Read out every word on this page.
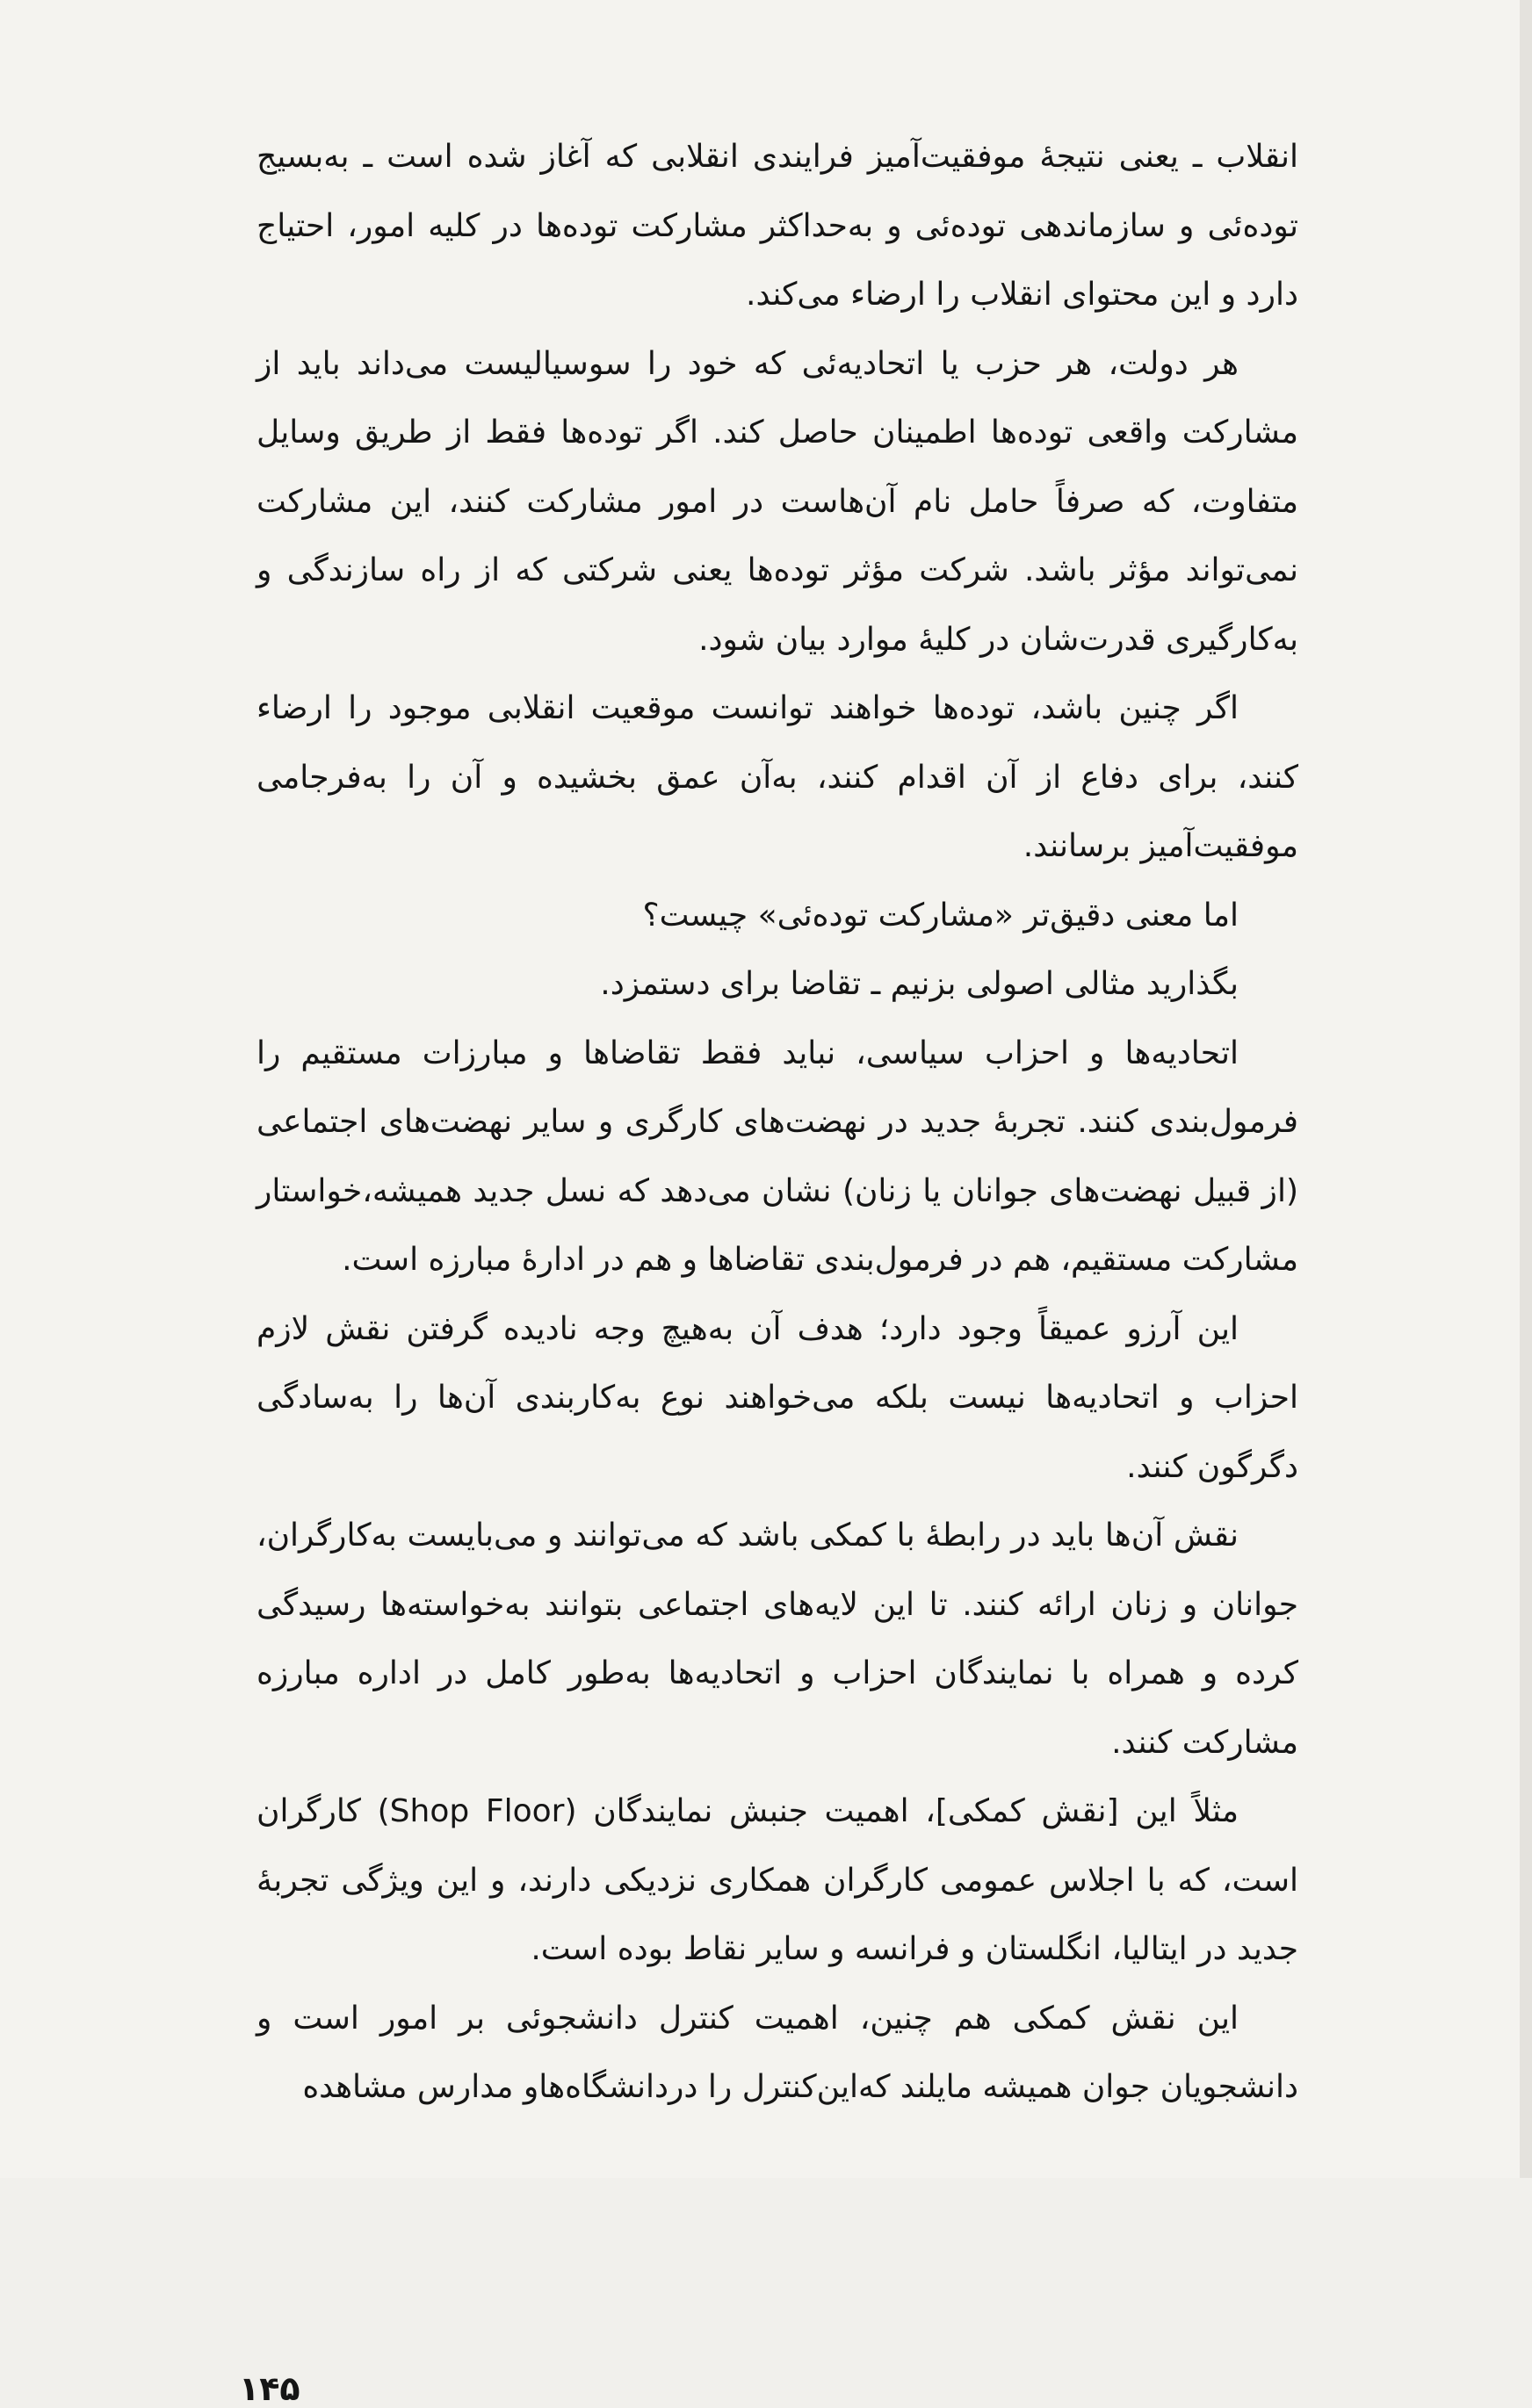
انقلاب ـ یعنی نتیجهٔ موفقیت‌آمیز فرایندی انقلابی که آغاز شده است ـ به‌بسیج توده‌ئی و سازماندهی توده‌ئی و به‌حداکثر مشارکت توده‌ها در کلیه امور، احتیاج دارد و این محتوای انقلاب را ارضاء می‌کند.

هر دولت، هر حزب یا اتحادیه‌ئی که خود را سوسیالیست می‌داند باید از مشارکت واقعی توده‌ها اطمینان حاصل کند. اگر توده‌ها فقط از طریق وسایل متفاوت، که صرفاً حامل نام آن‌هاست در امور مشارکت کنند، این مشارکت نمی‌تواند مؤثر باشد. شرکت مؤثر توده‌ها یعنی شرکتی که از راه سازندگی و به‌کارگیری قدرت‌شان در کلیهٔ موارد بیان شود.

اگر چنین باشد، توده‌ها خواهند توانست موقعیت انقلابی موجود را ارضاء کنند، برای دفاع از آن اقدام کنند، به‌آن عمق بخشیده و آن را به‌فرجامی موفقیت‌آمیز برسانند.

اما معنی دقیق‌تر «مشارکت توده‌ئی» چیست؟

بگذارید مثالی اصولی بزنیم ـ تقاضا برای دستمزد.

اتحادیه‌ها و احزاب سیاسی، نباید فقط تقاضاها و مبارزات مستقیم را فرمول‌بندی کنند. تجربهٔ جدید در نهضت‌های کارگری و سایر نهضت‌های اجتماعی (از قبیل نهضت‌های جوانان یا زنان) نشان می‌دهد که نسل جدید همیشه،خواستار مشارکت مستقیم، هم در فرمول‌بندی تقاضاها و هم در ادارهٔ مبارزه است.

این آرزو عمیقاً وجود دارد؛ هدف آن به‌هیچ وجه نادیده گرفتن نقش لازم احزاب و اتحادیه‌ها نیست بلکه می‌خواهند نوع به‌کاربندی آن‌ها را به‌سادگی دگرگون کنند.

نقش آن‌ها باید در رابطهٔ با کمکی باشد که می‌توانند و می‌بایست به‌کارگران، جوانان و زنان ارائه کنند. تا این لایه‌های اجتماعی بتوانند به‌خواسته‌ها رسیدگی کرده و همراه با نمایندگان احزاب و اتحادیه‌ها به‌طور کامل در اداره مبارزه مشارکت کنند.

مثلاً این [نقش کمکی]، اهمیت جنبش نمایندگان (Shop Floor) کارگران است، که با اجلاس عمومی کارگران همکاری نزدیکی دارند، و این ویژگی تجربهٔ جدید در ایتالیا، انگلستان و فرانسه و سایر نقاط بوده است.

این نقش کمکی هم چنین، اهمیت کنترل دانشجوئی بر امور است و دانشجویان جوان همیشه مایلند که‌این‌کنترل را دردانشگاه‌هاو مدارس مشاهده

۱۴۵
